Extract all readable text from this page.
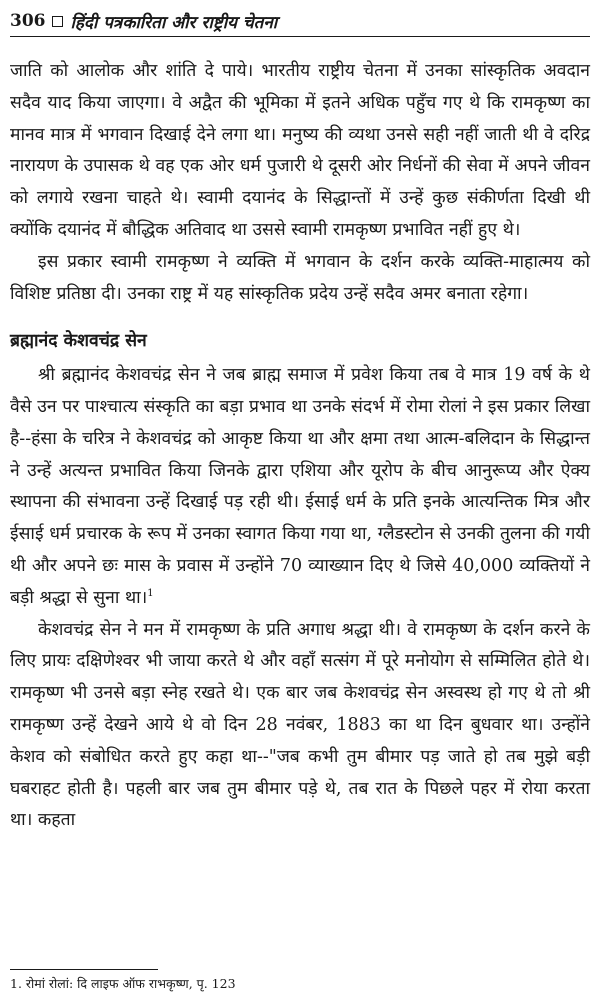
306 हिंदी पत्रकारिता और राष्ट्रीय चेतना

जाति को आलोक और शांति दे पाये। भारतीय राष्ट्रीय चेतना में उनका सांस्कृतिक अवदान सदैव याद किया जाएगा। वे अद्वैत की भूमिका में इतने अधिक पहुँच गए थे कि रामकृष्ण का मानव मात्र में भगवान दिखाई देने लगा था। मनुष्य की व्यथा उनसे सही नहीं जाती थी वे दरिद्र नारायण के उपासक थे वह एक ओर धर्म पुजारी थे दूसरी ओर निर्धनों की सेवा में अपने जीवन को लगाये रखना चाहते थे। स्वामी दयानंद के सिद्धान्तों में उन्हें कुछ संकीर्णता दिखी थी क्योंकि दयानंद में बौद्धिक अतिवाद था उससे स्वामी रामकृष्ण प्रभावित नहीं हुए थे।

इस प्रकार स्वामी रामकृष्ण ने व्यक्ति में भगवान के दर्शन करके व्यक्ति-माहात्मय को विशिष्ट प्रतिष्ठा दी। उनका राष्ट्र में यह सांस्कृतिक प्रदेय उन्हें सदैव अमर बनाता रहेगा।

ब्रह्मानंद केशवचंद्र सेन

श्री ब्रह्मानंद केशवचंद्र सेन ने जब ब्राह्म समाज में प्रवेश किया तब वे मात्र 19 वर्ष के थे वैसे उन पर पाश्चात्य संस्कृति का बड़ा प्रभाव था उनके संदर्भ में रोमा रोलां ने इस प्रकार लिखा है--हंसा के चरित्र ने केशवचंद्र को आकृष्ट किया था और क्षमा तथा आत्म-बलिदान के सिद्धान्त ने उन्हें अत्यन्त प्रभावित किया जिनके द्वारा एशिया और यूरोप के बीच आनुरूप्य और ऐक्य स्थापना की संभावना उन्हें दिखाई पड़ रही थी। ईसाई धर्म के प्रति इनके आत्यन्तिक मित्र और ईसाई धर्म प्रचारक के रूप में उनका स्वागत किया गया था, ग्लैडस्टोन से उनकी तुलना की गयी थी और अपने छः मास के प्रवास में उन्होंने 70 व्याख्यान दिए थे जिसे 40,000 व्यक्तियों ने बड़ी श्रद्धा से सुना था।$^1$

केशवचंद्र सेन ने मन में रामकृष्ण के प्रति अगाध श्रद्धा थी। वे रामकृष्ण के दर्शन करने के लिए प्रायः दक्षिणेश्वर भी जाया करते थे और वहाँ सत्संग में पूरे मनोयोग से सम्मिलित होते थे। रामकृष्ण भी उनसे बड़ा स्नेह रखते थे। एक बार जब केशवचंद्र सेन अस्वस्थ हो गए थे तो श्री रामकृष्ण उन्हें देखने आये थे वो दिन 28 नवंबर, 1883 का था दिन बुधवार था। उन्होंने केशव को संबोधित करते हुए कहा था--"जब कभी तुम बीमार पड़ जाते हो तब मुझे बड़ी घबराहट होती है। पहली बार जब तुम बीमार पड़े थे, तब रात के पिछले पहर में रोया करता था। कहता

1. रोमां रोलां: दि लाइफ ऑफ राभकृष्ण, पृ. 123
